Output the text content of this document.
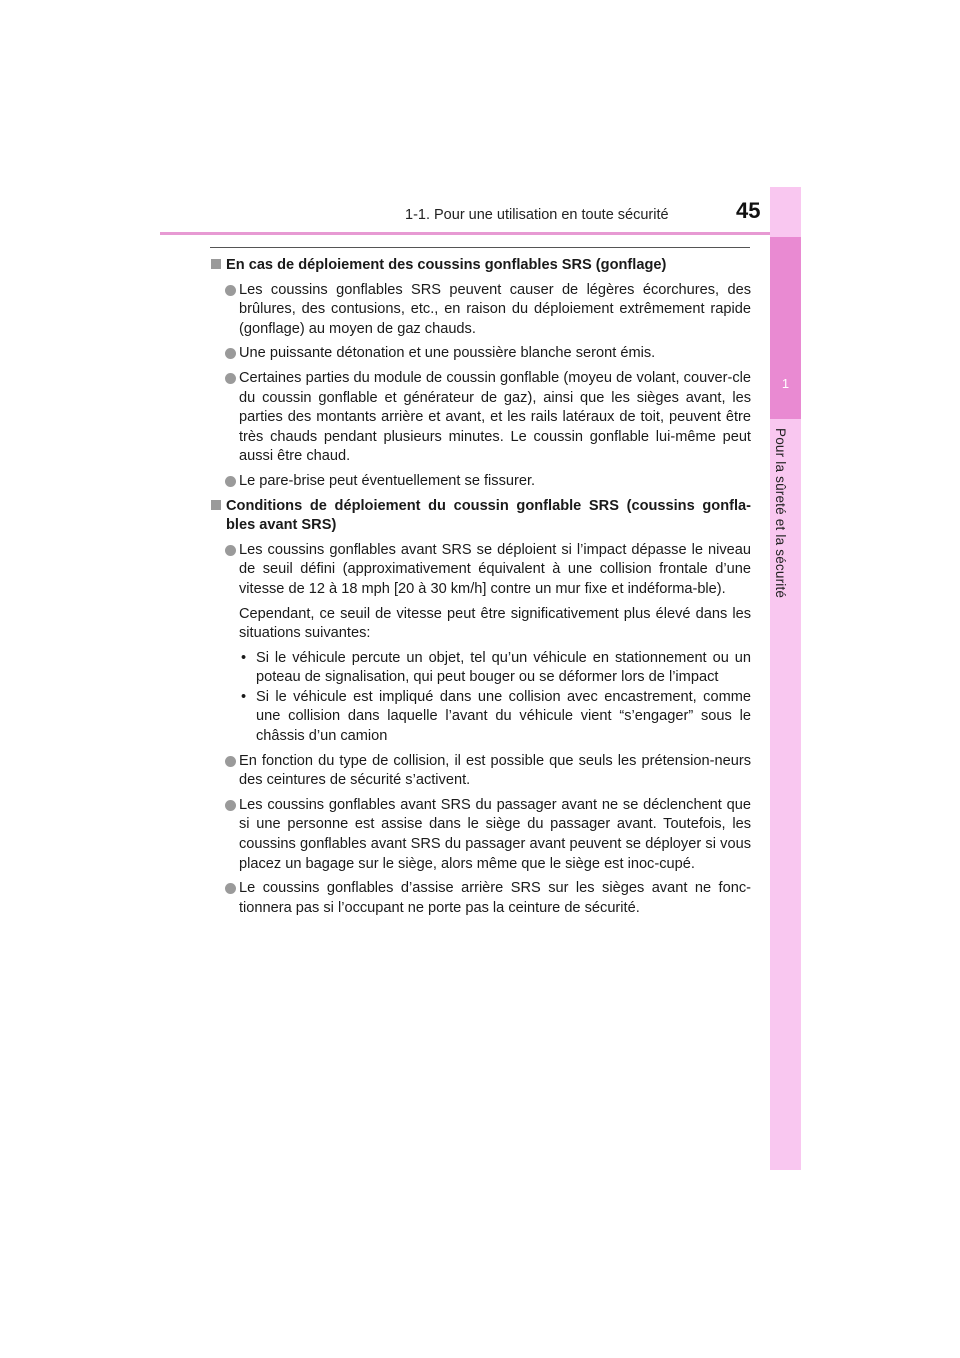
1-1. Pour une utilisation en toute sécurité	45
1
Pour la sûreté et la sécurité
En cas de déploiement des coussins gonflables SRS (gonflage)
Les coussins gonflables SRS peuvent causer de légères écorchures, des brûlures, des contusions, etc., en raison du déploiement extrêmement rapide (gonflage) au moyen de gaz chauds.
Une puissante détonation et une poussière blanche seront émis.
Certaines parties du module de coussin gonflable (moyeu de volant, couver-cle du coussin gonflable et générateur de gaz), ainsi que les sièges avant, les parties des montants arrière et avant, et les rails latéraux de toit, peuvent être très chauds pendant plusieurs minutes. Le coussin gonflable lui-même peut aussi être chaud.
Le pare-brise peut éventuellement se fissurer.
Conditions de déploiement du coussin gonflable SRS (coussins gonfla-bles avant SRS)
Les coussins gonflables avant SRS se déploient si l’impact dépasse le niveau de seuil défini (approximativement équivalent à une collision frontale d’une vitesse de 12 à 18 mph [20 à 30 km/h] contre un mur fixe et indéforma-ble).
Cependant, ce seuil de vitesse peut être significativement plus élevé dans les situations suivantes:
• Si le véhicule percute un objet, tel qu’un véhicule en stationnement ou un poteau de signalisation, qui peut bouger ou se déformer lors de l’impact
• Si le véhicule est impliqué dans une collision avec encastrement, comme une collision dans laquelle l’avant du véhicule vient “s’engager” sous le châssis d’un camion
En fonction du type de collision, il est possible que seuls les prétension-neurs des ceintures de sécurité s’activent.
Les coussins gonflables avant SRS du passager avant ne se déclenchent que si une personne est assise dans le siège du passager avant. Toutefois, les coussins gonflables avant SRS du passager avant peuvent se déployer si vous placez un bagage sur le siège, alors même que le siège est inoc-cupé.
Le coussins gonflables d’assise arrière SRS sur les sièges avant ne fonc-tionnera pas si l’occupant ne porte pas la ceinture de sécurité.
